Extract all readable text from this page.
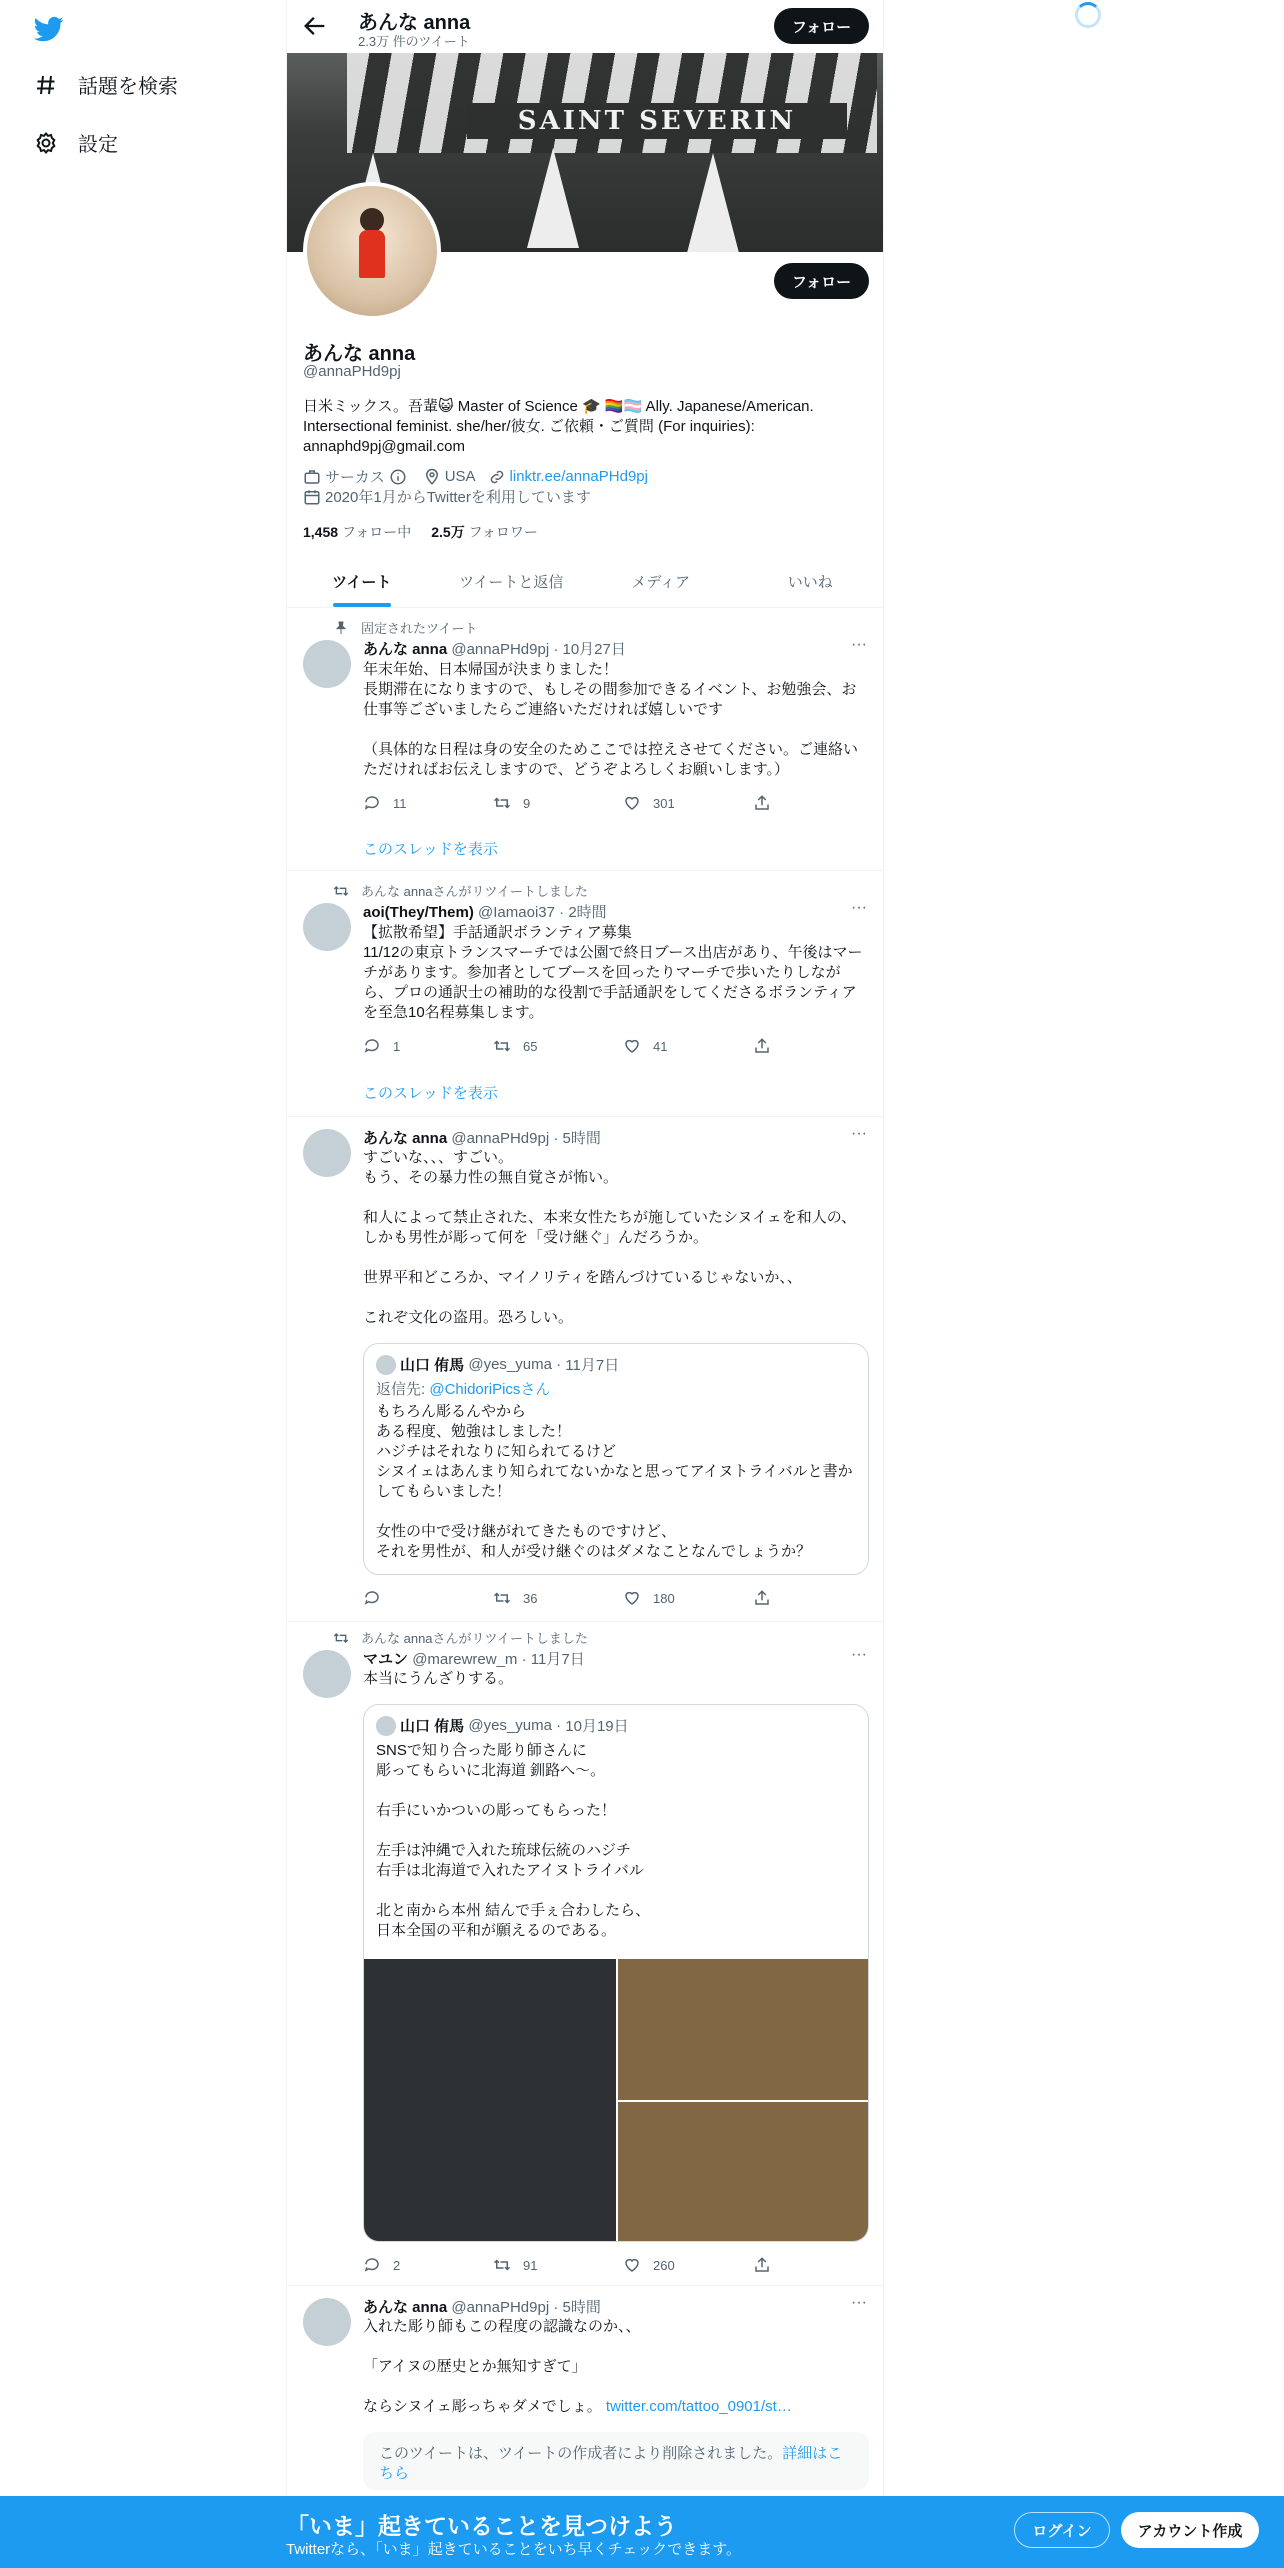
話題を検索
設定
あんな anna
2.3万 件のツイート
フォロー
SAINT SEVERIN
フォロー
あんな anna
@annaPHd9pj
日米ミックス。吾輩😺 Master of Science 🎓 🏳️‍🌈🏳️‍⚧️ Ally. Japanese/American. Intersectional feminist. she/her/彼女. ご依頼・ご質問 (For inquiries): annaphd9pj@gmail.com
サーカス	USA linktr.ee/annaPHd9pj
2020年1月からTwitterを利用しています
1,458 フォロー中 2.5万 フォロワー
ツイート	ツイートと返信	メディア	いいね
固定されたツイート
あんな anna @annaPHd9pj · 10月27日	···
年末年始、日本帰国が決まりました！
長期滞在になりますので、もしその間参加できるイベント、お勉強会、お仕事等ございましたらご連絡いただければ嬉しいです

（具体的な日程は身の安全のためここでは控えさせてください。ご連絡いただければお伝えしますので、どうぞよろしくお願いします。）
11	9	301
このスレッドを表示
あんな annaさんがリツイートしました
aoi(They/Them) @Iamaoi37 · 2時間	···
【拡散希望】手話通訳ボランティア募集
11/12の東京トランスマーチでは公園で終日ブース出店があり、午後はマーチがあります。参加者としてブースを回ったりマーチで歩いたりしながら、プロの通訳士の補助的な役割で手話通訳をしてくださるボランティアを至急10名程募集します。
1	65	41
このスレッドを表示
あんな anna @annaPHd9pj · 5時間	···
すごいな、、、すごい。
もう、その暴力性の無自覚さが怖い。

和人によって禁止された、本来女性たちが施していたシヌイェを和人の、しかも男性が彫って何を「受け継ぐ」んだろうか。

世界平和どころか、マイノリティを踏んづけているじゃないか、、

これぞ文化の盗用。恐ろしい。
山口 侑馬
@yes_yuma · 11月7日
返信先: @ChidoriPicsさん
もちろん彫るんやから
ある程度、勉強はしました！
ハジチはそれなりに知られてるけど
シヌイェはあんまり知られてないかなと思ってアイヌトライバルと書かしてもらいました！

女性の中で受け継がれてきたものですけど、
それを男性が、和人が受け継ぐのはダメなことなんでしょうか？
36	180
あんな annaさんがリツイートしました
マユン @marewrew_m · 11月7日	···
本当にうんざりする。
山口 侑馬
@yes_yuma · 10月19日
SNSで知り合った彫り師さんに
彫ってもらいに北海道 釧路へ〜。

右手にいかついの彫ってもらった！

左手は沖縄で入れた琉球伝統のハジチ
右手は北海道で入れたアイヌトライバル

北と南から本州 結んで手ぇ合わしたら、
日本全国の平和が願えるのである。
2	91	260
あんな anna @annaPHd9pj · 5時間	···
入れた彫り師もこの程度の認識なのか、、

「アイヌの歴史とか無知すぎて」

ならシヌイェ彫っちゃダメでしょ。 twitter.com/tattoo_0901/st…
このツイートは、ツイートの作成者により削除されました。詳細はこちら
「いま」起きていることを見つけよう
Twitterなら、「いま」起きていることをいち早くチェックできます。
ログイン	アカウント作成
